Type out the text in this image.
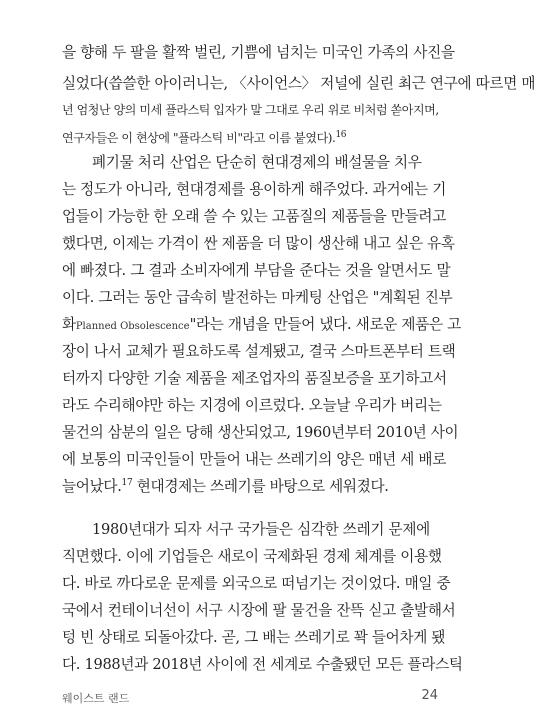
을 향해 두 팔을 활짝 벌린, 기쁨에 넘치는 미국인 가족의 사진을
실었다(씁쓸한 아이러니는, 〈사이언스〉 저널에 실린 최근 연구에 따르면 매
년 엄청난 양의 미세 플라스틱 입자가 말 그대로 우리 위로 비처럼 쏟아지며,
연구자들은 이 현상에 "플라스틱 비"라고 이름 붙였다).$^{16}$
폐기물 처리 산업은 단순히 현대경제의 배설물을 치우
는 정도가 아니라, 현대경제를 용이하게 해주었다. 과거에는 기
업들이 가능한 한 오래 쓸 수 있는 고품질의 제품들을 만들려고
했다면, 이제는 가격이 싼 제품을 더 많이 생산해 내고 싶은 유혹
에 빠졌다. 그 결과 소비자에게 부담을 준다는 것을 알면서도 말
이다. 그러는 동안 급속히 발전하는 마케팅 산업은 "계획된 진부
화Planned Obsolescence"라는 개념을 만들어 냈다. 새로운 제품은 고
장이 나서 교체가 필요하도록 설계됐고, 결국 스마트폰부터 트랙
터까지 다양한 기술 제품을 제조업자의 품질보증을 포기하고서
라도 수리해야만 하는 지경에 이르렀다. 오늘날 우리가 버리는
물건의 삼분의 일은 당해 생산되었고, 1960년부터 2010년 사이
에 보통의 미국인들이 만들어 내는 쓰레기의 양은 매년 세 배로
늘어났다.$^{17}$ 현대경제는 쓰레기를 바탕으로 세워졌다.
1980년대가 되자 서구 국가들은 심각한 쓰레기 문제에
직면했다. 이에 기업들은 새로이 국제화된 경제 체계를 이용했
다. 바로 까다로운 문제를 외국으로 떠넘기는 것이었다. 매일 중
국에서 컨테이너선이 서구 시장에 팔 물건을 잔뜩 싣고 출발해서
텅 빈 상태로 되돌아갔다. 곧, 그 배는 쓰레기로 꽉 들어차게 됐
다. 1988년과 2018년 사이에 전 세계로 수출됐던 모든 플라스틱
웨이스트 랜드	24
